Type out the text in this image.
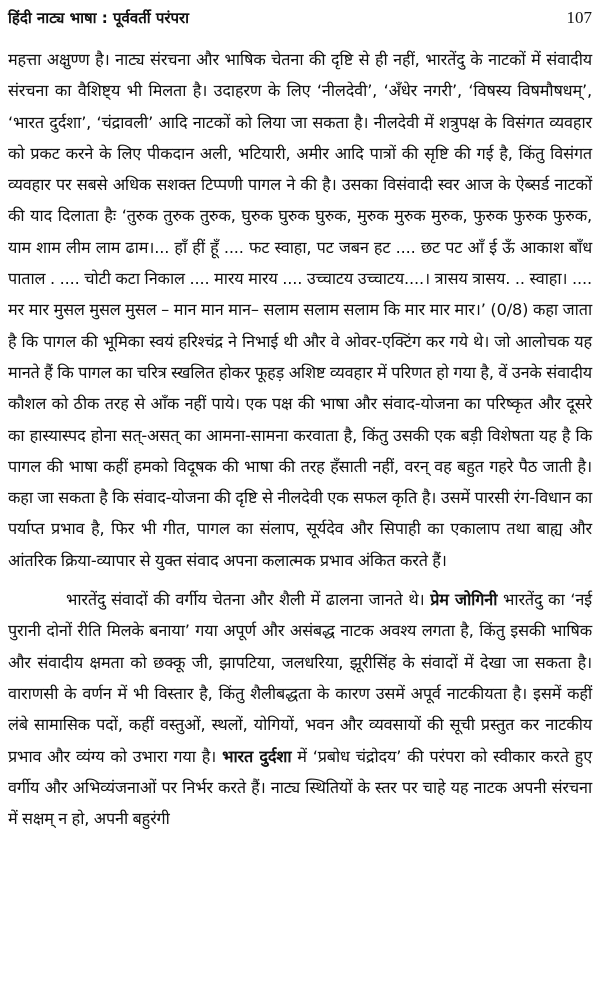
हिंदी नाट्य भाषा : पूर्ववर्ती परंपरा	107

महत्ता अक्षुण्ण है। नाट्य संरचना और भाषिक चेतना की दृष्टि से ही नहीं, भारतेंदु के नाटकों में संवादीय संरचना का वैशिष्ट्य भी मिलता है। उदाहरण के लिए ‘नीलदेवी’, ‘अँधेर नगरी’, ‘विषस्य विषमौषधम्’, ‘भारत दुर्दशा’, ‘चंद्रावली’ आदि नाटकों को लिया जा सकता है। नीलदेवी में शत्रुपक्ष के विसंगत व्यवहार को प्रकट करने के लिए पीकदान अली, भटियारी, अमीर आदि पात्रों की सृष्टि की गई है, किंतु विसंगत व्यवहार पर सबसे अधिक सशक्त टिप्पणी पागल ने की है। उसका विसंवादी स्वर आज के ऐब्सर्ड नाटकों की याद दिलाता हैः ‘तुरुक तुरुक तुरुक, घुरुक घुरुक घुरुक, मुरुक मुरुक मुरुक, फुरुक फुरुक फुरुक, याम शाम लीम लाम ढाम।... हाँ हीं हूँ .... फट स्वाहा, पट जबन हट .... छट पट आँ ई ऊँ आकाश बाँध पाताल . .... चोटी कटा निकाल .... मारय मारय .... उच्चाटय उच्चाटय....। त्रासय त्रासय. .. स्वाहा। .... मर मार मुसल मुसल मुसल – मान मान मान– सलाम सलाम सलाम कि मार मार मार।’ (0/8) कहा जाता है कि पागल की भूमिका स्वयं हरिश्चंद्र ने निभाई थी और वे ओवर-एक्टिंग कर गये थे। जो आलोचक यह मानते हैं कि पागल का चरित्र स्खलित होकर फूहड़ अशिष्ट व्यवहार में परिणत हो गया है, वें उनके संवादीय कौशल को ठीक तरह से आँक नहीं पाये। एक पक्ष की भाषा और संवाद-योजना का परिष्कृत और दूसरे का हास्यास्पद होना सत्-असत् का आमना-सामना करवाता है, किंतु उसकी एक बड़ी विशेषता यह है कि पागल की भाषा कहीं हमको विदूषक की भाषा की तरह हँसाती नहीं, वरन् वह बहुत गहरे पैठ जाती है। कहा जा सकता है कि संवाद-योजना की दृष्टि से नीलदेवी एक सफल कृति है। उसमें पारसी रंग-विधान का पर्याप्त प्रभाव है, फिर भी गीत, पागल का संलाप, सूर्यदेव और सिपाही का एकालाप तथा बाह्य और आंतरिक क्रिया-व्यापार से युक्त संवाद अपना कलात्मक प्रभाव अंकित करते हैं।

भारतेंदु संवादों की वर्गीय चेतना और शैली में ढालना जानते थे। प्रेम जोगिनी भारतेंदु का ‘नई पुरानी दोनों रीति मिलके बनाया’ गया अपूर्ण और असंबद्ध नाटक अवश्य लगता है, किंतु इसकी भाषिक और संवादीय क्षमता को छक्कू जी, झापटिया, जलधरिया, झूरीसिंह के संवादों में देखा जा सकता है। वाराणसी के वर्णन में भी विस्तार है, किंतु शैलीबद्धता के कारण उसमें अपूर्व नाटकीयता है। इसमें कहीं लंबे सामासिक पदों, कहीं वस्तुओं, स्थलों, योगियों, भवन और व्यवसायों की सूची प्रस्तुत कर नाटकीय प्रभाव और व्यंग्य को उभारा गया है। भारत दुर्दशा में ‘प्रबोध चंद्रोदय’ की परंपरा को स्वीकार करते हुए वर्गीय और अभिव्यंजनाओं पर निर्भर करते हैं। नाट्य स्थितियों के स्तर पर चाहे यह नाटक अपनी संरचना में सक्षम् न हो, अपनी बहुरंगी
